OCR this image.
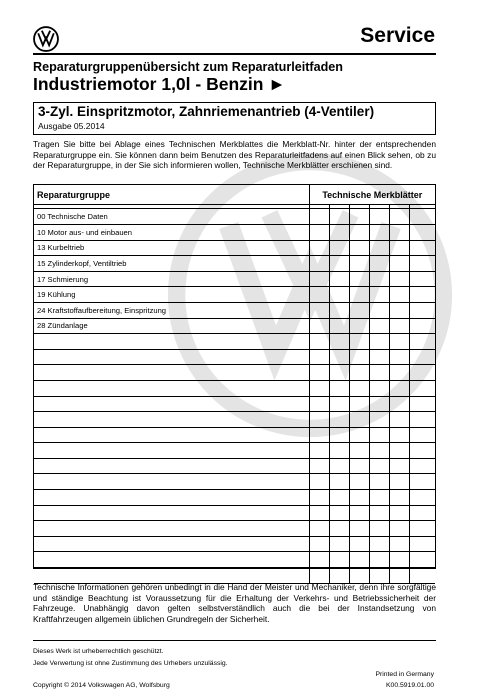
Service
Reparaturgruppenübersicht zum Reparaturleitfaden
Industriemotor 1,0l - Benzin ►
3-Zyl. Einspritzmotor, Zahnriemenantrieb (4-Ventiler)
Ausgabe 05.2014
Tragen Sie bitte bei Ablage eines Technischen Merkblattes die Merkblatt-Nr. hinter der entsprechenden Reparaturgruppe ein. Sie können dann beim Benutzen des Reparaturleitfadens auf einen Blick sehen, ob zu der Reparaturgruppe, in der Sie sich informieren wollen, Technische Merkblätter erschienen sind.
Reparaturgruppe	Technische Merkblätter					

00 Technische Daten						
10 Motor aus- und einbauen						
13 Kurbeltrieb						
15 Zylinderkopf, Ventiltrieb						
17 Schmierung						
19 Kühlung						
24 Kraftstoffaufbereitung, Einspritzung						
28 Zündanlage						

Technische Informationen gehören unbedingt in die Hand der Meister und Mechaniker, denn ihre sorgfältige und ständige Beachtung ist Voraussetzung für die Erhaltung der Verkehrs- und Betriebssicherheit der Fahrzeuge. Unabhängig davon gelten selbstverständlich auch die bei der Instandsetzung von Kraftfahrzeugen allgemein üblichen Grundregeln der Sicherheit.
Dieses Werk ist urheberrechtlich geschützt.
Jede Verwertung ist ohne Zustimmung des Urhebers unzulässig.
Copyright © 2014 Volkswagen AG, Wolfsburg
Printed in Germany
K00.5919.01.00
